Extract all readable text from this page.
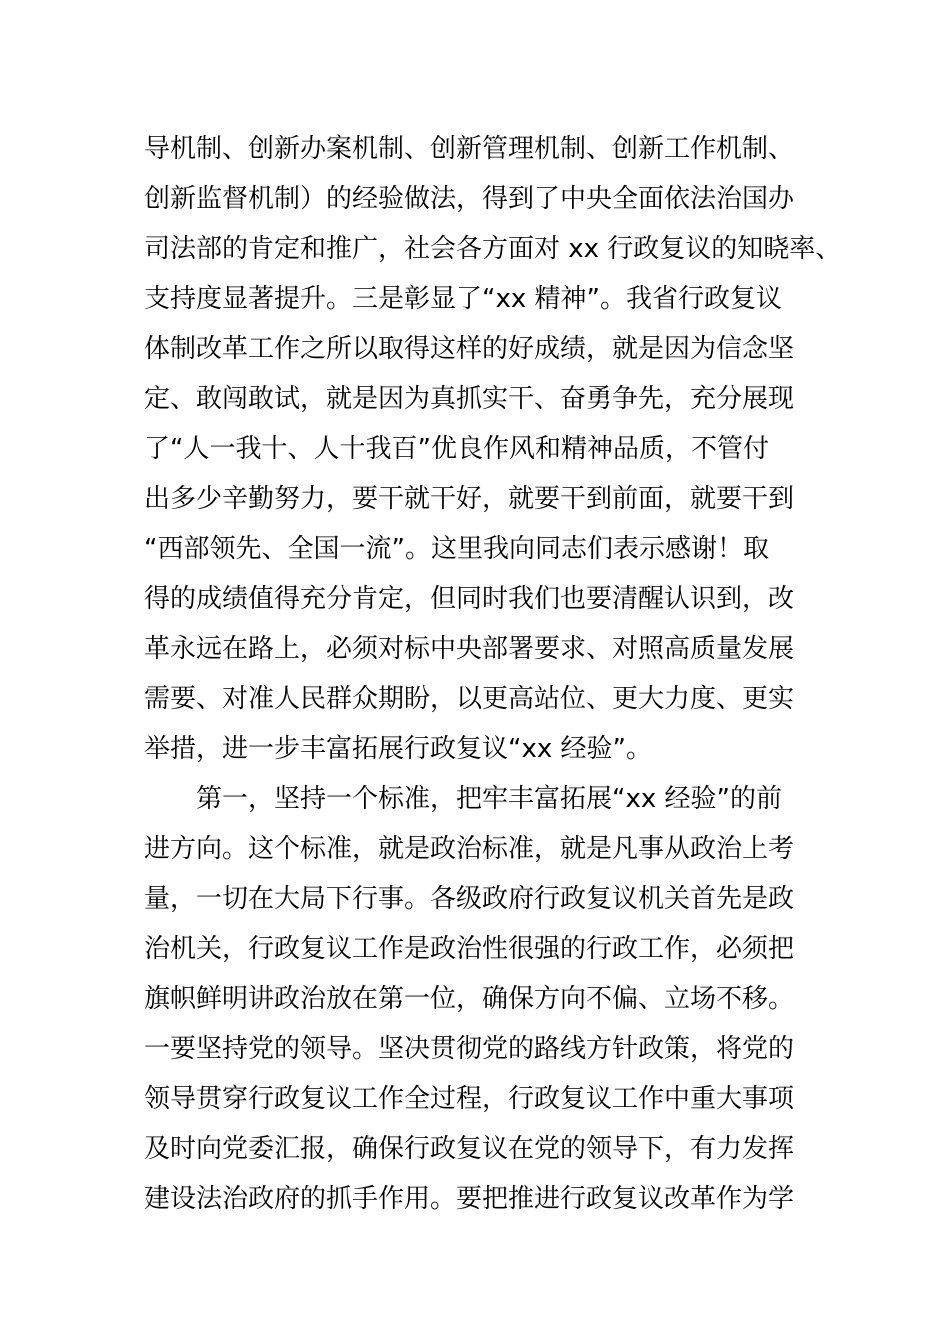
导机制、创新办案机制、创新管理机制、创新工作机制、
创新监督机制）的经验做法，得到了中央全面依法治国办
司法部的肯定和推广，社会各方面对 xx 行政复议的知晓率、
支持度显著提升。三是彰显了“xx 精神”。我省行政复议
体制改革工作之所以取得这样的好成绩，就是因为信念坚
定、敢闯敢试，就是因为真抓实干、奋勇争先，充分展现
了“人一我十、人十我百”优良作风和精神品质，不管付
出多少辛勤努力，要干就干好，就要干到前面，就要干到
“西部领先、全国一流”。这里我向同志们表示感谢！取
得的成绩值得充分肯定，但同时我们也要清醒认识到，改
革永远在路上，必须对标中央部署要求、对照高质量发展
需要、对准人民群众期盼，以更高站位、更大力度、更实
举措，进一步丰富拓展行政复议“xx 经验”。
第一，坚持一个标准，把牢丰富拓展“xx 经验”的前
进方向。这个标准，就是政治标准，就是凡事从政治上考
量，一切在大局下行事。各级政府行政复议机关首先是政
治机关，行政复议工作是政治性很强的行政工作，必须把
旗帜鲜明讲政治放在第一位，确保方向不偏、立场不移。
一要坚持党的领导。坚决贯彻党的路线方针政策，将党的
领导贯穿行政复议工作全过程，行政复议工作中重大事项
及时向党委汇报，确保行政复议在党的领导下，有力发挥
建设法治政府的抓手作用。要把推进行政复议改革作为学
